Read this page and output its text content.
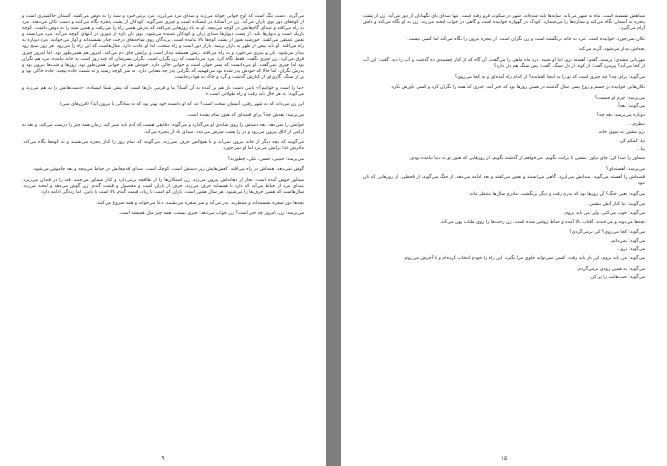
می‌گردد. دست تنگ است که اوج خوانی جوانه می‌زند و صدای مرد می‌لرزد. مرد برمی‌خیزد و سبد را به دوش می‌کشد. آسمان خاکستری است و از کوه‌های دور بوی باران می‌آید. زن در آستانهٔ در ایستاده است و چیزی نمی‌گوید. کودکان از پشت پنجره نگاه می‌کنند و دست تکان می‌دهند. مرد به راه می‌افتد و صدای گام‌هایش در کوچه می‌پیچد. او به یاد روزهایی می‌افتد که پدرش همین راه را می‌رفت و همین سبد را به دوش داشت. کوچه باریک است و دیوارها بلند. از پشت دیوارها صدای زنان و کودکان شنیده می‌شود. بوی نان تازه از تنوری در انتهای کوچه می‌آید. مرد می‌ایستد و نفس عمیقی می‌کشد. خورشید هنوز از پشت کوه‌ها بالا نیامده است. پرندگان روی شاخه‌های درخت چنار نشسته‌اند و آواز می‌خوانند. مرد دوباره به راه می‌افتد. او باید پیش از ظهر به بازار برسد. بازار دور است و راه سخت. اما او عادت دارد. سال‌هاست که این راه را می‌رود. هر روز صبح زود بیدار می‌شود، نان و پنیری می‌خورد و به راه می‌افتد. زنش همیشه بیدار است و برایش چای دم می‌کند. امروز هم همین‌طور بود. اما امروز چیزی فرق می‌کرد. زن چیزی نگفت. فقط نگاه کرد. مرد می‌دانست که زن نگران است. نگران پسرشان که چند روز است به خانه نیامده. مرد هم نگران بود اما چیزی نمی‌گفت. او می‌دانست که پسر جوان است و جوانی حالی دارد. خودش هم در جوانی همین‌طور بود. روزها و شب‌ها بیرون بود و پدرش نگران. اما حالا که خودش پدر شده بود می‌فهمید که نگرانی پدر چه معنایی دارد. به سر کوچه رسید و به سمت جاده پیچید. جاده خاکی بود و پر از سنگ. گاری‌ای از کنارش گذشت و گرد و خاک به هوا برخاست.

«ما را است و خوانیم؟» پایین دست باز هم بر آمده به آن آشنا؟ ما و فریبی دل‌ها است که پیش شما ایستاده. «دست‌هایش را به هم می‌زند و می‌گوید: به هر حال باید رفت و راه طولانی است.»

این زن می‌داند که به شهر رفتن، آسمان سخت است؟ نه، که او دانسته خود بهتر بود که به سادگی یا بیرون آید؟ (قرن‌های سی)

می‌پرسد: بعدش چه؟ برای قصه‌ای که هنوز تمام نشده است.

جوابش را نمی‌دهد. بعد دستش را روی شانه‌ی او می‌گذارد و می‌گوید: دقایقی هست که آدم باید صبر کند. زمان همه چیز را درست می‌کند. و بعد به آرامی از اتاق بیرون می‌رود و در را پشت سرش می‌بندد. صدای باد از پنجره می‌آید.

می‌گویند که بچه دیگر از خانه بیرون نمی‌آید و با هیچ‌کس حرف نمی‌زند. می‌گویند که تمام روز را کنار پنجره می‌نشیند و به کوه‌ها نگاه می‌کند. مادرش غذا برایش می‌برد اما او نمی‌خورد.

می‌پرسد: حبیبی، حسن، علی، چطورند؟

گوش نمی‌دهد. همه‌اش در راه می‌افتد. کفش‌هایش زیر دستش است. کوچک است. صدای قدم‌هایش در حیاط می‌پیچد و بعد خاموش می‌شود.

سماور جوش آمده است. بخار از دهانه‌اش بیرون می‌زند. زن استکان‌ها را از طاقچه برمی‌دارد و کنار سماور می‌چیند. قند را در قندان می‌ریزد. صدای مرد از حیاط می‌آید که دارد با همسایه حرف می‌زند. حرف از باران است و محصول و قیمت گندم. زن گوش می‌دهد و لبخند می‌زند. سال‌هاست که همین حرف‌ها را می‌شنود. هر سال همین است. باران کم است یا زیاد، قیمت گندم بالا است یا پایین. اما زندگی ادامه دارد.

بچه‌ها دور سفره نشسته‌اند و منتظرند. پدر می‌آید و سر سفره می‌نشیند. دعا می‌خواند و همه شروع می‌کنند.

می‌پرسد: زن، امروز چه خبر است؟ زن جواب می‌دهد: خبری نیست. همه چیز مثل همیشه است.

۹

سیاهش نشسته است. ماه به شهر می‌تابد. سایه‌ها بلند شده‌اند. شهر در سکوت فرو رفته است. تنها صدای پای نگهبانان از دور می‌آید. زن از پشت پنجره به آسمان نگاه می‌کند و ستاره‌ها را می‌شمارد. کودک در گهواره خوابیده است و گاهی در خواب لبخند می‌زند. زن به او نگاه می‌کند و دلش آرام می‌گیرد.

تکان نمی‌خورد. خوابیده است. مرد به خانه برنگشته است و زن نگران است. از پنجره بیرون را نگاه می‌کند اما کسی نیست.

بچه‌اش بیدار می‌شود، گریه می‌کند.

مهربانی مشدی؛ پرسید، گفتم: آهسته برو، اما او شنید. درد ماه ماهی را می‌گفت، آن گاه که از کنار چشمه‌ی ده گذشت و آب را دید. گفت: این آب از کجا می‌آید؟ پیرمرد گفت: از کوه، از دل سنگ. گفت: پس سنگ هم دل دارد؟

می‌گوید: برای چه؟ چه چیزی است که تو را به اینجا کشانده؟ از کدام راه آمده‌ای و به کجا می‌روی؟

تکان‌هایی خوابیده بر جسم و روح پسر. سال گذشته در همین روزها بود که خبر آمد. خبری که همه را نگران کرد و کسی باورش نکرد.

می‌پرسد: جرم او چیست؟

می‌گویند: بعداً.

دوباره می‌پرسد: بعد چه؟

بنظرم...

برو بنشین به سوی خانه.

بیا، کمکم کن.

بیا...

سماور را صدا کن، چای بیاور. بنشین تا برایت بگویم. می‌خواهم از گذشته بگویم، از روزهایی که هنوز تو به دنیا نیامده بودی.

می‌پرسد: آهسته‌ای؟

قصه‌اش را آهسته می‌گوید. صدایش می‌لرزد. گاهی می‌ایستد و نفس می‌کشد و بعد ادامه می‌دهد. از جنگ می‌گوید، از قحطی، از روزهایی که نان نبود.

می‌گوید: یعنی جنگ؟ آن روزها بود که پدرم رفت و دیگر برنگشت. مادرم سال‌ها منتظر ماند.

می‌گویند: بیا کنار آتش بنشین.

می‌گوید: خوب می‌کنی. ولی من باید بروم.

بچه‌ها می‌دوند و می‌خندند. آفتاب بالا آمده و حیاط روشن شده است. زن رخت‌ها را روی طناب پهن می‌کند.

می‌گوید: کجا می‌روی؟ کی برمی‌گردی؟

می‌گوید: نمی‌دانم.

می‌گوید: نرو...

می‌گوید: من باید بروم، این بار باید رفت. کسی نمی‌تواند جلوی مرا بگیرد. این راه را خودم انتخاب کرده‌ام و تا آخرش می‌روم.

می‌گوید: به همین زودی برمی‌گردم.

می‌گوید: جیب‌هایت را پر کن.

۱۵
